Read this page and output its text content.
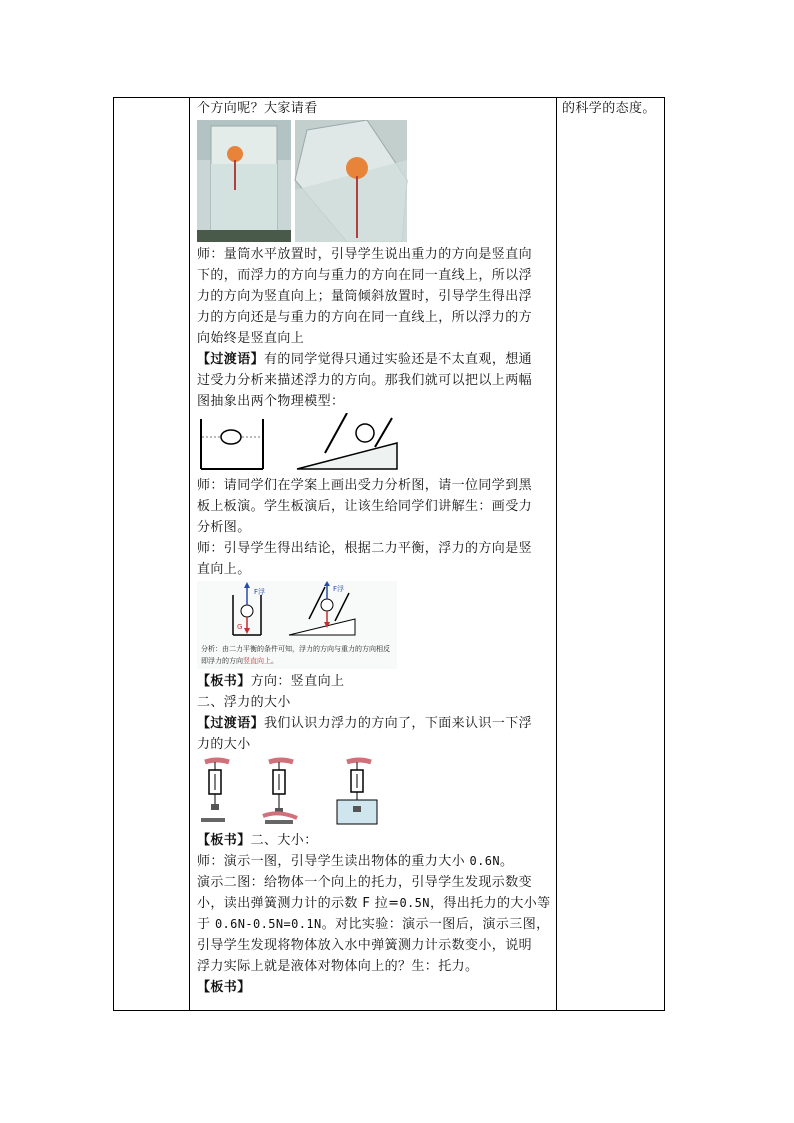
的科学的态度。

个方向呢？大家请看

师：量筒水平放置时，引导学生说出重力的方向是竖直向

下的，而浮力的方向与重力的方向在同一直线上，所以浮

力的方向为竖直向上；量筒倾斜放置时，引导学生得出浮

力的方向还是与重力的方向在同一直线上，所以浮力的方

向始终是竖直向上

【过渡语】有的同学觉得只通过实验还是不太直观，想通

过受力分析来描述浮力的方向。那我们就可以把以上两幅

图抽象出两个物理模型：

师：请同学们在学案上画出受力分析图，请一位同学到黑

板上板演。学生板演后，让该生给同学们讲解生：画受力

分析图。

师：引导学生得出结论，根据二力平衡，浮力的方向是竖

直向上。

F浮
G
F浮
分析：由二力平衡的条件可知，浮力的方向与重力的方向相反
即浮力的方向竖直向上。

【板书】方向：竖直向上

二、浮力的大小

【过渡语】我们认识力浮力的方向了，下面来认识一下浮

力的大小

【板书】二、大小：

师：演示一图，引导学生读出物体的重力大小 0.6N。

演示二图：给物体一个向上的托力，引导学生发现示数变

小，读出弹簧测力计的示数 F 拉=0.5N，得出托力的大小等

于 0.6N-0.5N=0.1N。对比实验：演示一图后，演示三图，

引导学生发现将物体放入水中弹簧测力计示数变小，说明

浮力实际上就是液体对物体向上的？生：托力。

【板书】
